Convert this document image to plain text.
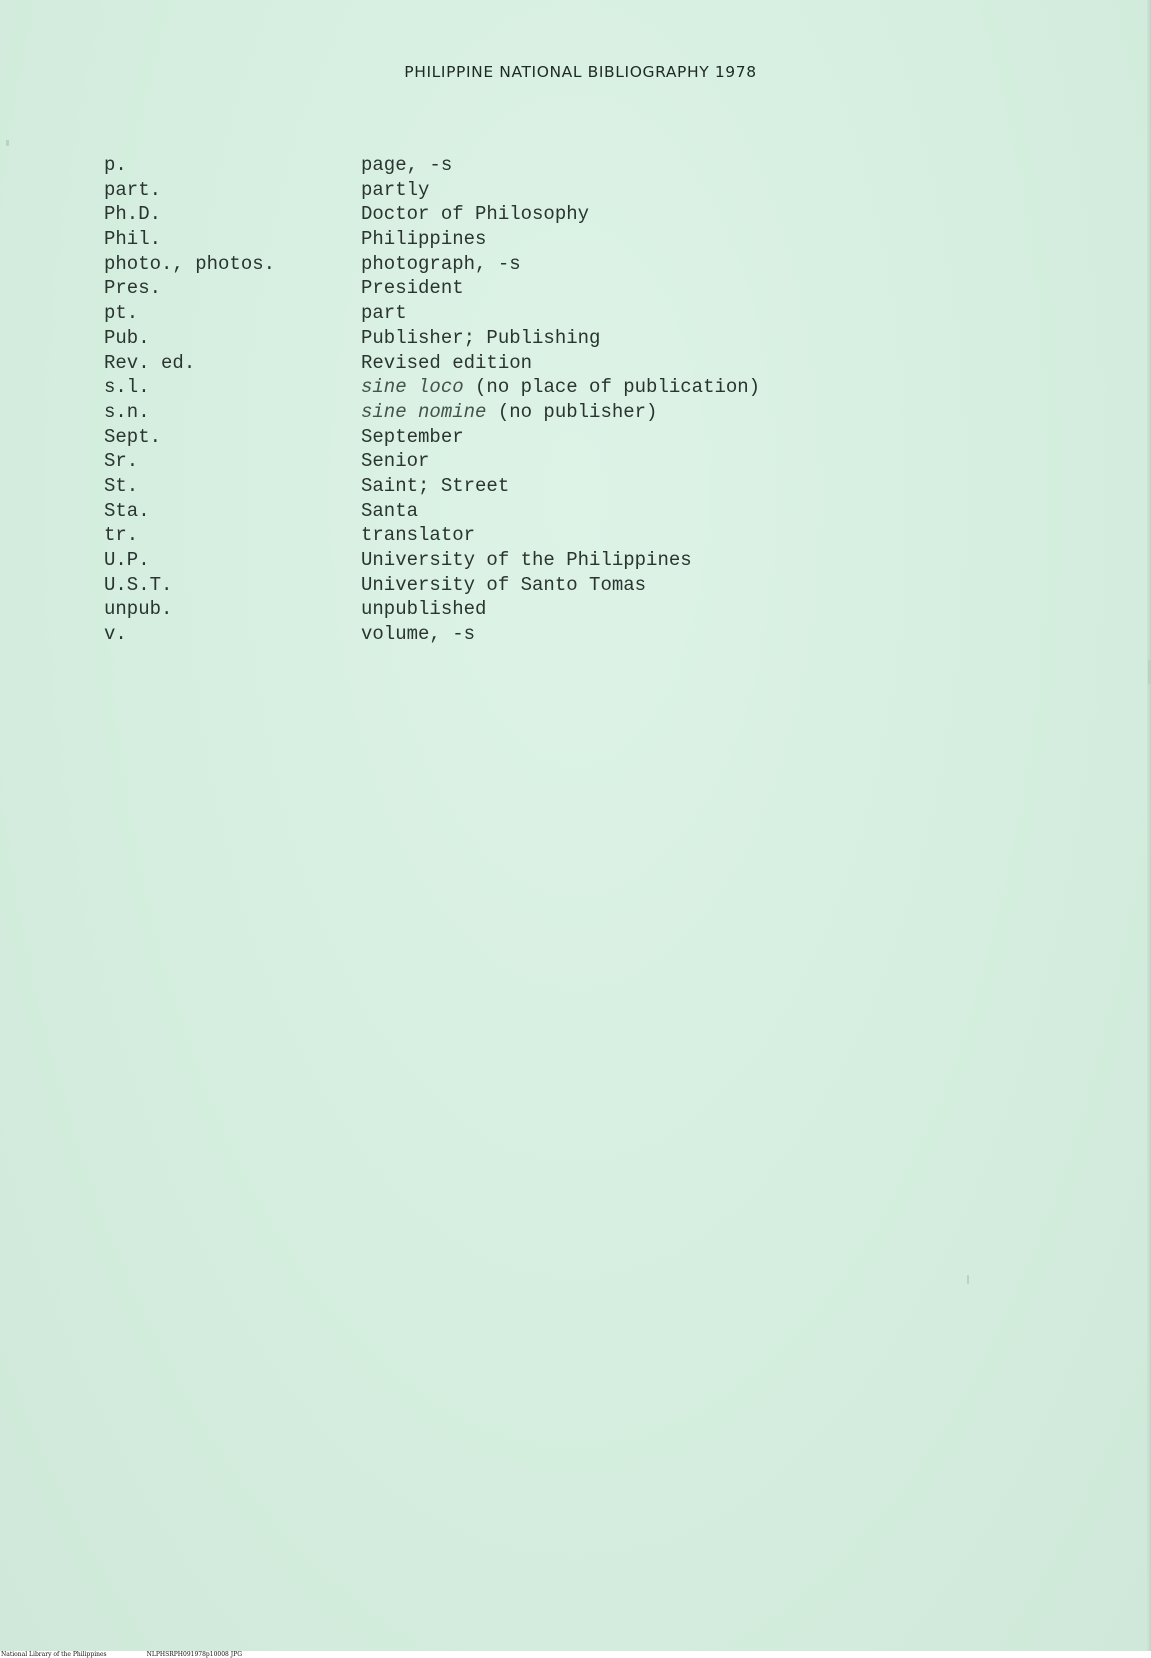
PHILIPPINE NATIONAL BIBLIOGRAPHY 1978
p.	page, -s
part.	partly
Ph.D.	Doctor of Philosophy
Phil.	Philippines
photo., photos.	photograph, -s
Pres.	President
pt.	part
Pub.	Publisher; Publishing
Rev. ed.	Revised edition
s.l.	sine loco (no place of publication)
s.n.	sine nomine (no publisher)
Sept.	September
Sr.	Senior
St.	Saint; Street
Sta.	Santa
tr.	translator
U.P.	University of the Philippines
U.S.T.	University of Santo Tomas
unpub.	unpublished
v.	volume, -s
National Library of the Philippines	NLPHSRPH091978p10008 JPG
